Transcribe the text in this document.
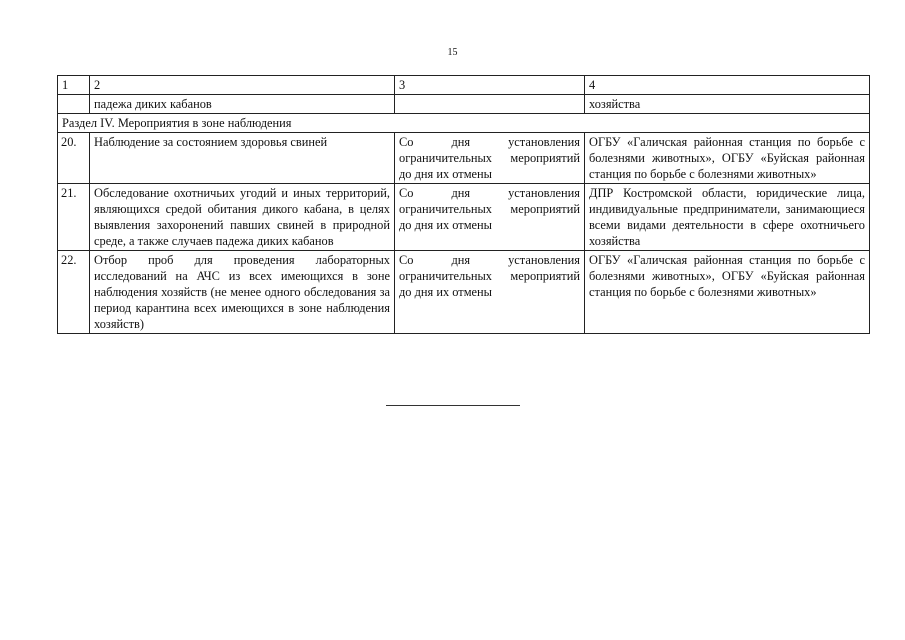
15
1	2	3	4
	падежа диких кабанов		хозяйства
Раздел IV. Мероприятия в зоне наблюдения			
20.	Наблюдение за состоянием здоровья свиней	Со дня установления ограничительных мероприятий до дня их отмены	ОГБУ «Галичская районная станция по борьбе с болезнями животных», ОГБУ «Буйская районная станция по борьбе с болезнями животных»
21.	Обследование охотничьих угодий и иных территорий, являющихся средой обитания дикого кабана, в целях выявления захоронений павших свиней в природной среде, а также случаев падежа диких кабанов	Со дня установления ограничительных мероприятий до дня их отмены	ДПР Костромской области, юридические лица, индивидуальные предприниматели, занимающиеся всеми видами деятельности в сфере охотничьего хозяйства
22.	Отбор проб для проведения лабораторных исследований на АЧС из всех имеющихся в зоне наблюдения хозяйств (не менее одного обследования за период карантина всех имеющихся в зоне наблюдения хозяйств)	Со дня установления ограничительных мероприятий до дня их отмены	ОГБУ «Галичская районная станция по борьбе с болезнями животных», ОГБУ «Буйская районная станция по борьбе с болезнями животных»
